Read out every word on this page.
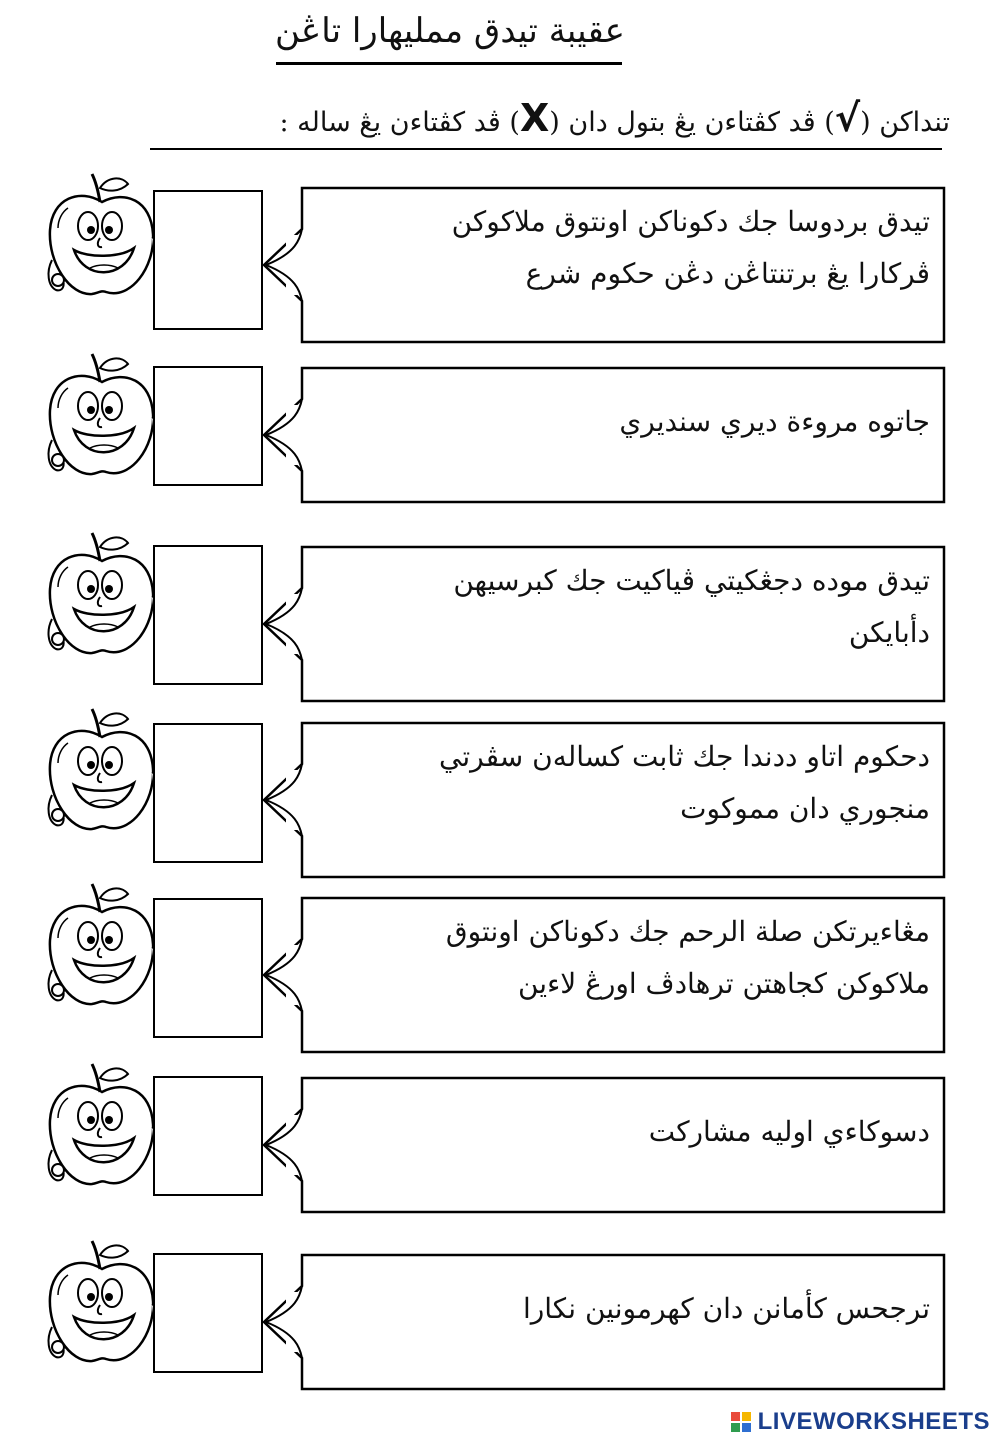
عقيبة تيدق مملیهارا تاڠن
تنداكن (√) ڤد كڤتاءن يڠ بتول دان (X) ڤد كڤتاءن يڠ ساله :
تيدق بردوسا جك دكوناكن اونتوق ملاكوكن
ڤركارا يڠ برتنتاڠن دڠن حكوم شرع
جاتوه مروءة ديري سنديري
تيدق موده دجڠكيتي ڤياكيت جك كبرسيهن
دأبايكن
دحكوم اتاو ددندا جك ثابت كساله‌ن سڤرتي
منجوري دان مموكوت
مڠاءيرتكن صلة الرحم جك دكوناكن اونتوق
ملاكوكن كجاهتن ترهادڤ اورڠ لاءين
دسوكاءي اوليه مشاركت
ترجحس كأمانن دان كهرمونين نكارا
LIVEWORKSHEETS
